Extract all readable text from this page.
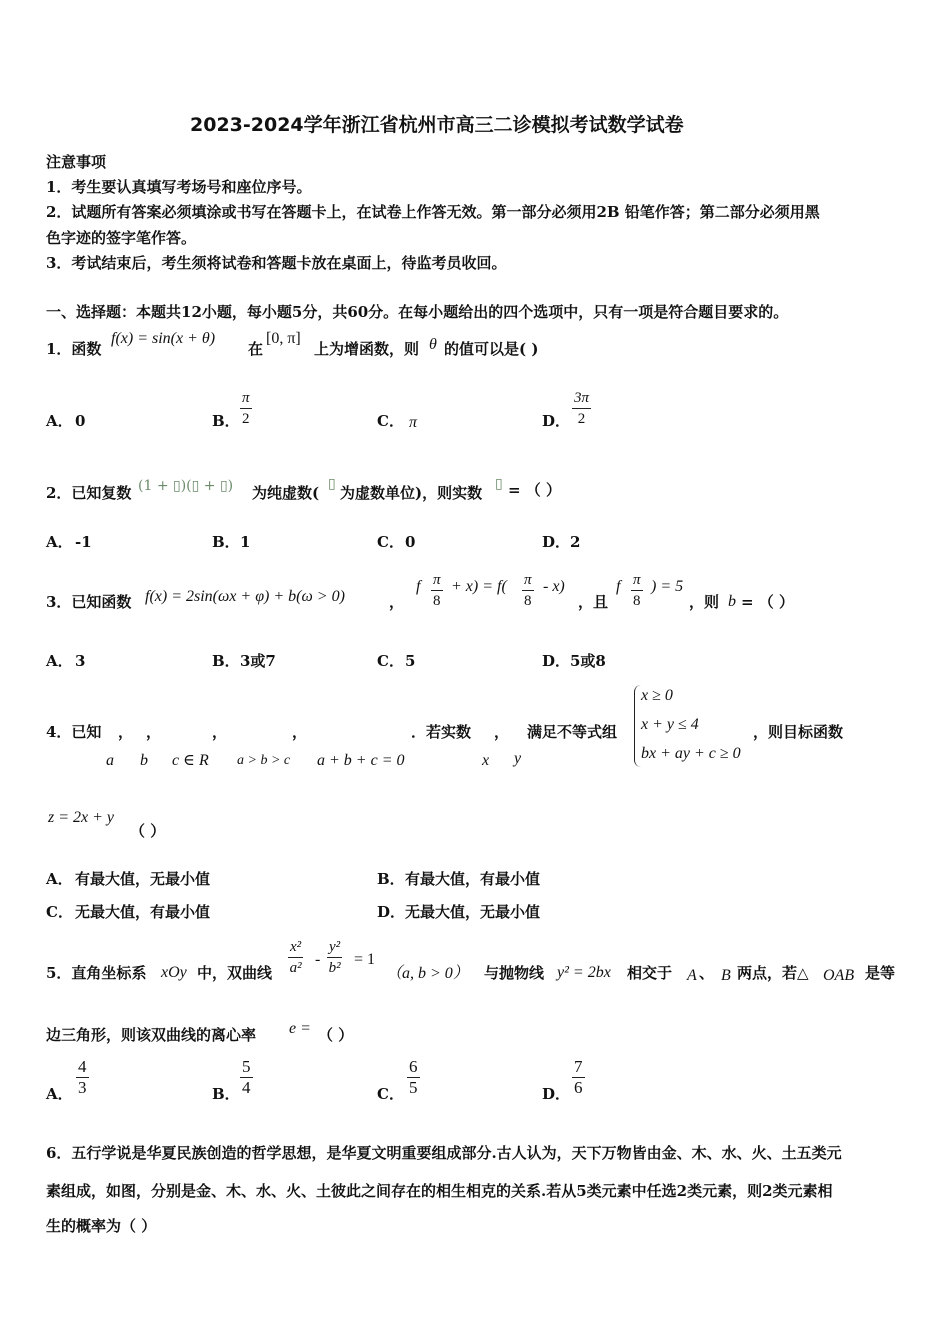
2023-2024学年浙江省杭州市高三二诊模拟考试数学试卷
注意事项
1．考生要认真填写考场号和座位序号。
2．试题所有答案必须填涂或书写在答题卡上，在试卷上作答无效。第一部分必须用2B 铅笔作答；第二部分必须用黑
色字迹的签字笔作答。
3．考试结束后，考生须将试卷和答题卡放在桌面上，待监考员收回。
一、选择题：本题共12小题，每小题5分，共60分。在每小题给出的四个选项中，只有一项是符合题目要求的。
1．函数
f(x) = sin(x + θ)
在
[0, π]
上为增函数，则 θ 的值可以是( )
A． 0	B． $\frac{\pi}{2}$	C． π	D． $\frac{3\pi}{2}$
2．已知复数 (1 + ▯)(▯ + ▯) 为纯虚数( ▯ 为虚数单位)，则实数 ▯ = （ ）
A． -1	B． 1	C． 0	D． 2
3．已知函数 f(x) = 2sin(ωx + φ) + b(ω > 0)	，
f $\frac{\pi}{8} + x) = f( \frac{\pi}{8} - x)$
，且
f $\frac{\pi}{8}$ ) = 5
，则 b = （ ）
A． 3	B． 3或7	C． 5	D． 5或8
4．已知 ， ，	，	，	．若实数 ， 满足不等式组
a b c ∈ R a > b > c a + b + c = 0	x y
x ≥ 0
x + y ≤ 4
bx + ay + c ≥ 0
，则目标函数
z = 2x + y
（ ）
A． 有最大值，无最小值	B． 有最大值，有最小值
C． 无最大值，有最小值	D． 无最大值，无最小值
5．直角坐标系 xOy 中，双曲线 $\frac{\text{x²}}{\text{a²}} - \frac{\text{y²}}{\text{b²}} = 1$
（a, b > 0） 与抛物线 y² = 2bx 相交于 A 、 B 两点，若△ OAB 是等
边三角形，则该双曲线的离心率 e = （ ）
A． $\frac{4}{3}$	B． $\frac{5}{4}$	C． $\frac{6}{5}$	D． $\frac{7}{6}$
6．五行学说是华夏民族创造的哲学思想，是华夏文明重要组成部分.古人认为，天下万物皆由金、木、水、火、土五类元
素组成，如图，分别是金、木、水、火、土彼此之间存在的相生相克的关系.若从5类元素中任选2类元素，则2类元素相
生的概率为（ ）
